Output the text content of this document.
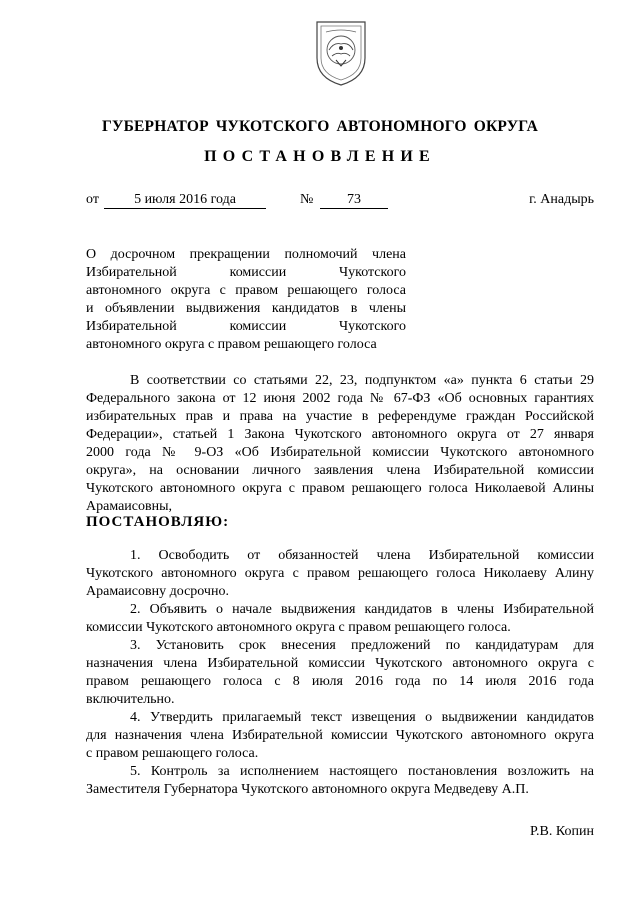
ГУБЕРНАТОР ЧУКОТСКОГО АВТОНОМНОГО ОКРУГА
ПОСТАНОВЛЕНИЕ
от	5 июля 2016 года	№	73	г. Анадырь
О досрочном прекращении полномочий члена
Избирательной комиссии Чукотского
автономного округа с правом решающего голоса
и объявлении выдвижения кандидатов в члены
Избирательной комиссии Чукотского
автономного округа с правом решающего голоса
В соответствии со статьями 22, 23, подпунктом «а» пункта 6 статьи 29
Федерального закона от 12 июня 2002 года № 67-ФЗ «Об основных гарантиях
избирательных прав и права на участие в референдуме граждан Российской
Федерации», статьей 1 Закона Чукотского автономного округа от 27 января
2000 года № 9-ОЗ «Об Избирательной комиссии Чукотского автономного
округа», на основании личного заявления члена Избирательной комиссии
Чукотского автономного округа с правом решающего голоса Николаевой Алины
Арамаисовны,
ПОСТАНОВЛЯЮ:
1. Освободить от обязанностей члена Избирательной комиссии
Чукотского автономного округа с правом решающего голоса Николаеву Алину
Арамаисовну досрочно.
2. Объявить о начале выдвижения кандидатов в члены Избирательной
комиссии Чукотского автономного округа с правом решающего голоса.
3. Установить срок внесения предложений по кандидатурам для
назначения члена Избирательной комиссии Чукотского автономного округа с
правом решающего голоса с 8 июля 2016 года по 14 июля 2016 года
включительно.
4. Утвердить прилагаемый текст извещения о выдвижении кандидатов
для назначения члена Избирательной комиссии Чукотского автономного округа
с правом решающего голоса.
5. Контроль за исполнением настоящего постановления возложить на
Заместителя Губернатора Чукотского автономного округа Медведеву А.П.
Р.В. Копин
